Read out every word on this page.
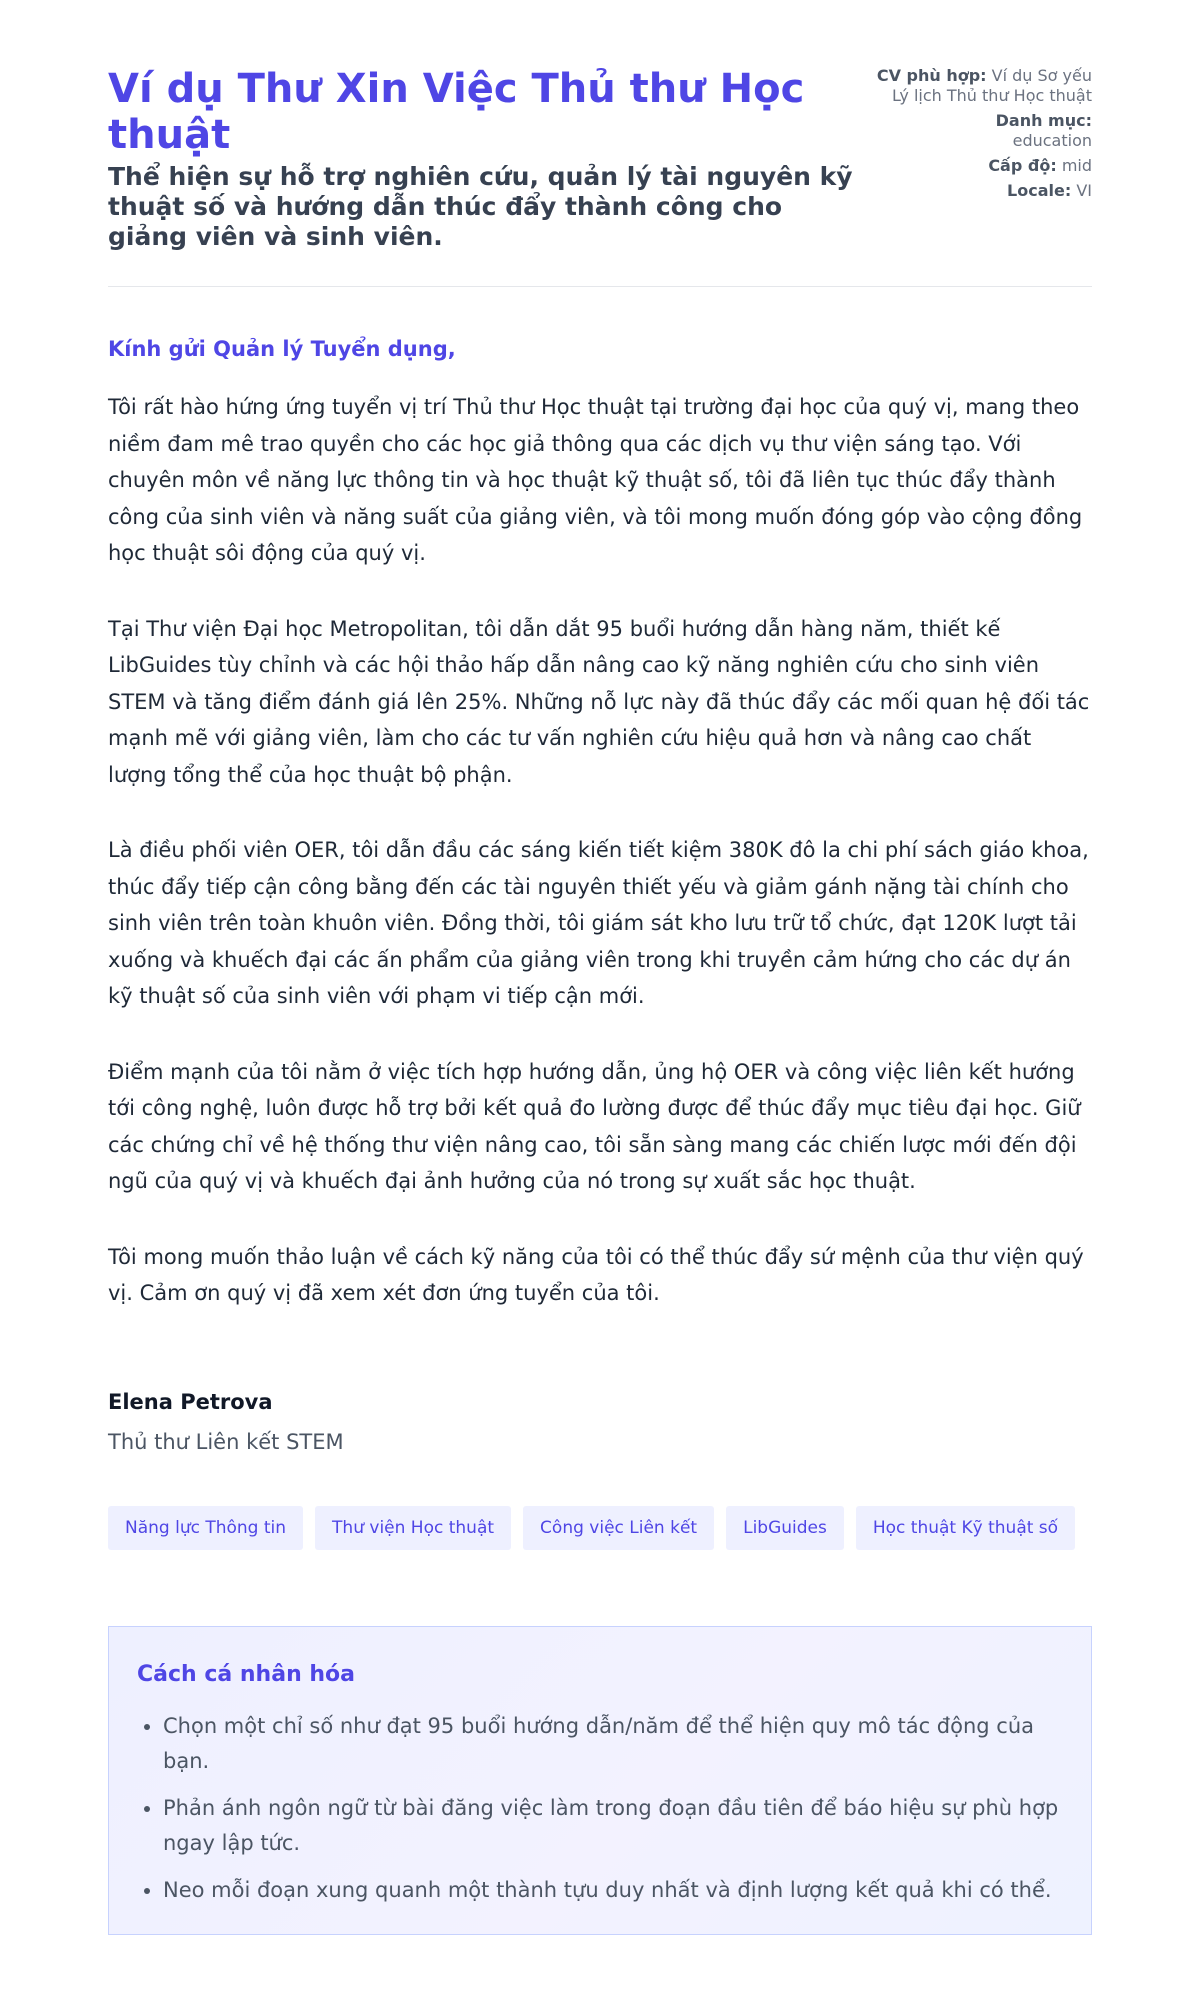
Ví dụ Thư Xin Việc Thủ thư Học thuật
Thể hiện sự hỗ trợ nghiên cứu, quản lý tài nguyên kỹ thuật số và hướng dẫn thúc đẩy thành công cho giảng viên và sinh viên.
CV phù hợp: Ví dụ Sơ yếu Lý lịch Thủ thư Học thuật
Danh mục:
education
Cấp độ: mid
Locale: VI

Kính gửi Quản lý Tuyển dụng,

Tôi rất hào hứng ứng tuyển vị trí Thủ thư Học thuật tại trường đại học của quý vị, mang theo niềm đam mê trao quyền cho các học giả thông qua các dịch vụ thư viện sáng tạo. Với chuyên môn về năng lực thông tin và học thuật kỹ thuật số, tôi đã liên tục thúc đẩy thành công của sinh viên và năng suất của giảng viên, và tôi mong muốn đóng góp vào cộng đồng học thuật sôi động của quý vị.

Tại Thư viện Đại học Metropolitan, tôi dẫn dắt 95 buổi hướng dẫn hàng năm, thiết kế LibGuides tùy chỉnh và các hội thảo hấp dẫn nâng cao kỹ năng nghiên cứu cho sinh viên STEM và tăng điểm đánh giá lên 25%. Những nỗ lực này đã thúc đẩy các mối quan hệ đối tác mạnh mẽ với giảng viên, làm cho các tư vấn nghiên cứu hiệu quả hơn và nâng cao chất lượng tổng thể của học thuật bộ phận.

Là điều phối viên OER, tôi dẫn đầu các sáng kiến tiết kiệm 380K đô la chi phí sách giáo khoa, thúc đẩy tiếp cận công bằng đến các tài nguyên thiết yếu và giảm gánh nặng tài chính cho sinh viên trên toàn khuôn viên. Đồng thời, tôi giám sát kho lưu trữ tổ chức, đạt 120K lượt tải xuống và khuếch đại các ấn phẩm của giảng viên trong khi truyền cảm hứng cho các dự án kỹ thuật số của sinh viên với phạm vi tiếp cận mới.

Điểm mạnh của tôi nằm ở việc tích hợp hướng dẫn, ủng hộ OER và công việc liên kết hướng tới công nghệ, luôn được hỗ trợ bởi kết quả đo lường được để thúc đẩy mục tiêu đại học. Giữ các chứng chỉ về hệ thống thư viện nâng cao, tôi sẵn sàng mang các chiến lược mới đến đội ngũ của quý vị và khuếch đại ảnh hưởng của nó trong sự xuất sắc học thuật.

Tôi mong muốn thảo luận về cách kỹ năng của tôi có thể thúc đẩy sứ mệnh của thư viện quý vị. Cảm ơn quý vị đã xem xét đơn ứng tuyển của tôi.

Elena Petrova

Thủ thư Liên kết STEM

Năng lực Thông tin	Thư viện Học thuật	Công việc Liên kết	LibGuides	Học thuật Kỹ thuật số
Cách cá nhân hóa
• Chọn một chỉ số như đạt 95 buổi hướng dẫn/năm để thể hiện quy mô tác động của bạn.
• Phản ánh ngôn ngữ từ bài đăng việc làm trong đoạn đầu tiên để báo hiệu sự phù hợp ngay lập tức.
• Neo mỗi đoạn xung quanh một thành tựu duy nhất và định lượng kết quả khi có thể.
